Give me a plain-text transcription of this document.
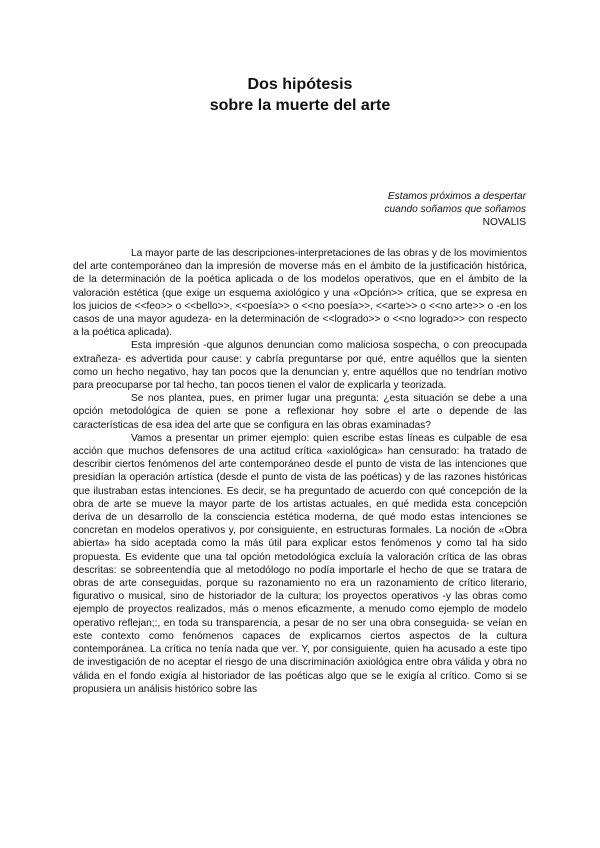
Dos hipótesis
sobre la muerte del arte
Estamos próximos a despertar
cuando soñamos que soñamos
NOVALIS

La mayor parte de las descripciones-interpretaciones de las obras y de los movimientos del arte contemporáneo dan la impresión de moverse más en el ámbito de la justificación histórica, de la determinación de la poética aplicada o de los modelos operativos, que en el ámbito de la valoración estética (que exige un esquema axiológico y una «Opción>> crítica, que se expresa en los juicios de <<feo>> o <<bello>>, <<poesía>> o <<no poesía>>, <<arte>> o <<no arte>> o -en los casos de una mayor agudeza- en la determinación de <<logrado>> o <<no logrado>> con respecto a la poética aplicada).

Esta impresión -que algunos denuncian como maliciosa sospecha, o con preocupada extrañeza- es advertida pour cause: y cabría preguntarse por qué, entre aquéllos que la sienten como un hecho negativo, hay tan pocos que la denuncian y, entre aquéllos que no tendrían motivo para preocuparse por tal hecho, tan pocos tienen el valor de explicarla y teorizada.

Se nos plantea, pues, en primer lugar una pregunta: ¿esta situación se debe a una opción metodológica de quien se pone a reflexionar hoy sobre el arte o depende de las características de esa idea del arte que se configura en las obras examinadas?

Vamos a presentar un primer ejemplo: quien escribe estas líneas es culpable de esa acción que muchos defensores de una actitud crítica «axiológica» han censurado: ha tratado de describir ciertos fenómenos del arte contemporáneo desde el punto de vista de las intenciones que presidían la operación artística (desde el punto de vista de las poéticas) y de las razones históricas que ilustraban estas intenciones. Es decir, se ha preguntado de acuerdo con qué concepción de la obra de arte se mueve la mayor parte de los artistas actuales, en qué medida esta concepción deriva de un desarrollo de la consciencia estética moderna, de qué modo estas intenciones se concretan en modelos operativos y, por consiguiente, en estructuras formales. La noción de «Obra abierta» ha sido aceptada como la más útil para explicar estos fenómenos y como tal ha sido propuesta. Es evidente que una tal opción metodológica excluía la valoración crítica de las obras descritas: se sobreentendía que al metodólogo no podía importarle el hecho de que se tratara de obras de arte conseguidas, porque su razonamiento no era un razonamiento de crítico literario, figurativo o musical, sino de historiador de la cultura; los proyectos operativos -y las obras como ejemplo de proyectos realizados, más o menos eficazmente, a menudo como ejemplo de modelo operativo reflejan;:, en toda su transparencia, a pesar de no ser una obra conseguida- se veían en este contexto como fenómenos capaces de explicarnos ciertos aspectos de la cultura contemporánea. La crítica no tenía nada que ver. Y, por consiguiente, quien ha acusado a este tipo de investigación de no aceptar el riesgo de una discriminación axiológica entre obra válida y obra no válida en el fondo exigía al historiador de las poéticas algo que se le exigía al crítico. Como si se propusiera un análisis histórico sobre las
